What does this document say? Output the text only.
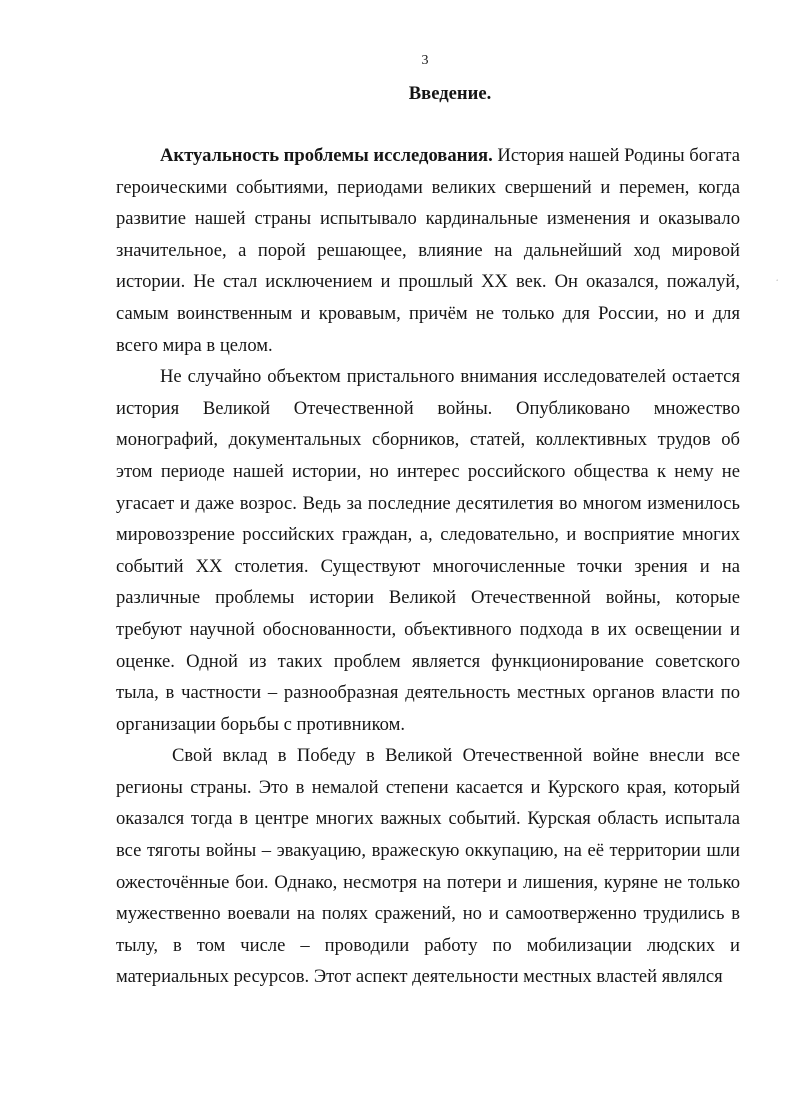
3
Введение.

Актуальность проблемы исследования. История нашей Родины богата героическими событиями, периодами великих свершений и перемен, когда развитие нашей страны испытывало кардинальные изменения и оказывало значительное, а порой решающее, влияние на дальнейший ход мировой истории. Не стал исключением и прошлый XX век. Он оказался, пожалуй, самым воинственным и кровавым, причём не только для России, но и для всего мира в целом.

Не случайно объектом пристального внимания исследователей остается история Великой Отечественной войны. Опубликовано множество монографий, документальных сборников, статей, коллективных трудов об этом периоде нашей истории, но интерес российского общества к нему не угасает и даже возрос. Ведь за последние десятилетия во многом изменилось мировоззрение российских граждан, а, следовательно, и восприятие многих событий XX столетия. Существуют многочисленные точки зрения и на различные проблемы истории Великой Отечественной войны, которые требуют научной обоснованности, объективного подхода в их освещении и оценке. Одной из таких проблем является функционирование советского тыла, в частности – разнообразная деятельность местных органов власти по организации борьбы с противником.

Свой вклад в Победу в Великой Отечественной войне внесли все регионы страны. Это в немалой степени касается и Курского края, который оказался тогда в центре многих важных событий. Курская область испытала все тяготы войны – эвакуацию, вражескую оккупацию, на её территории шли ожесточённые бои. Однако, несмотря на потери и лишения, куряне не только мужественно воевали на полях сражений, но и самоотверженно трудились в тылу, в том числе – проводили работу по мобилизации людских и материальных ресурсов. Этот аспект деятельности местных властей являлся

ʻ
